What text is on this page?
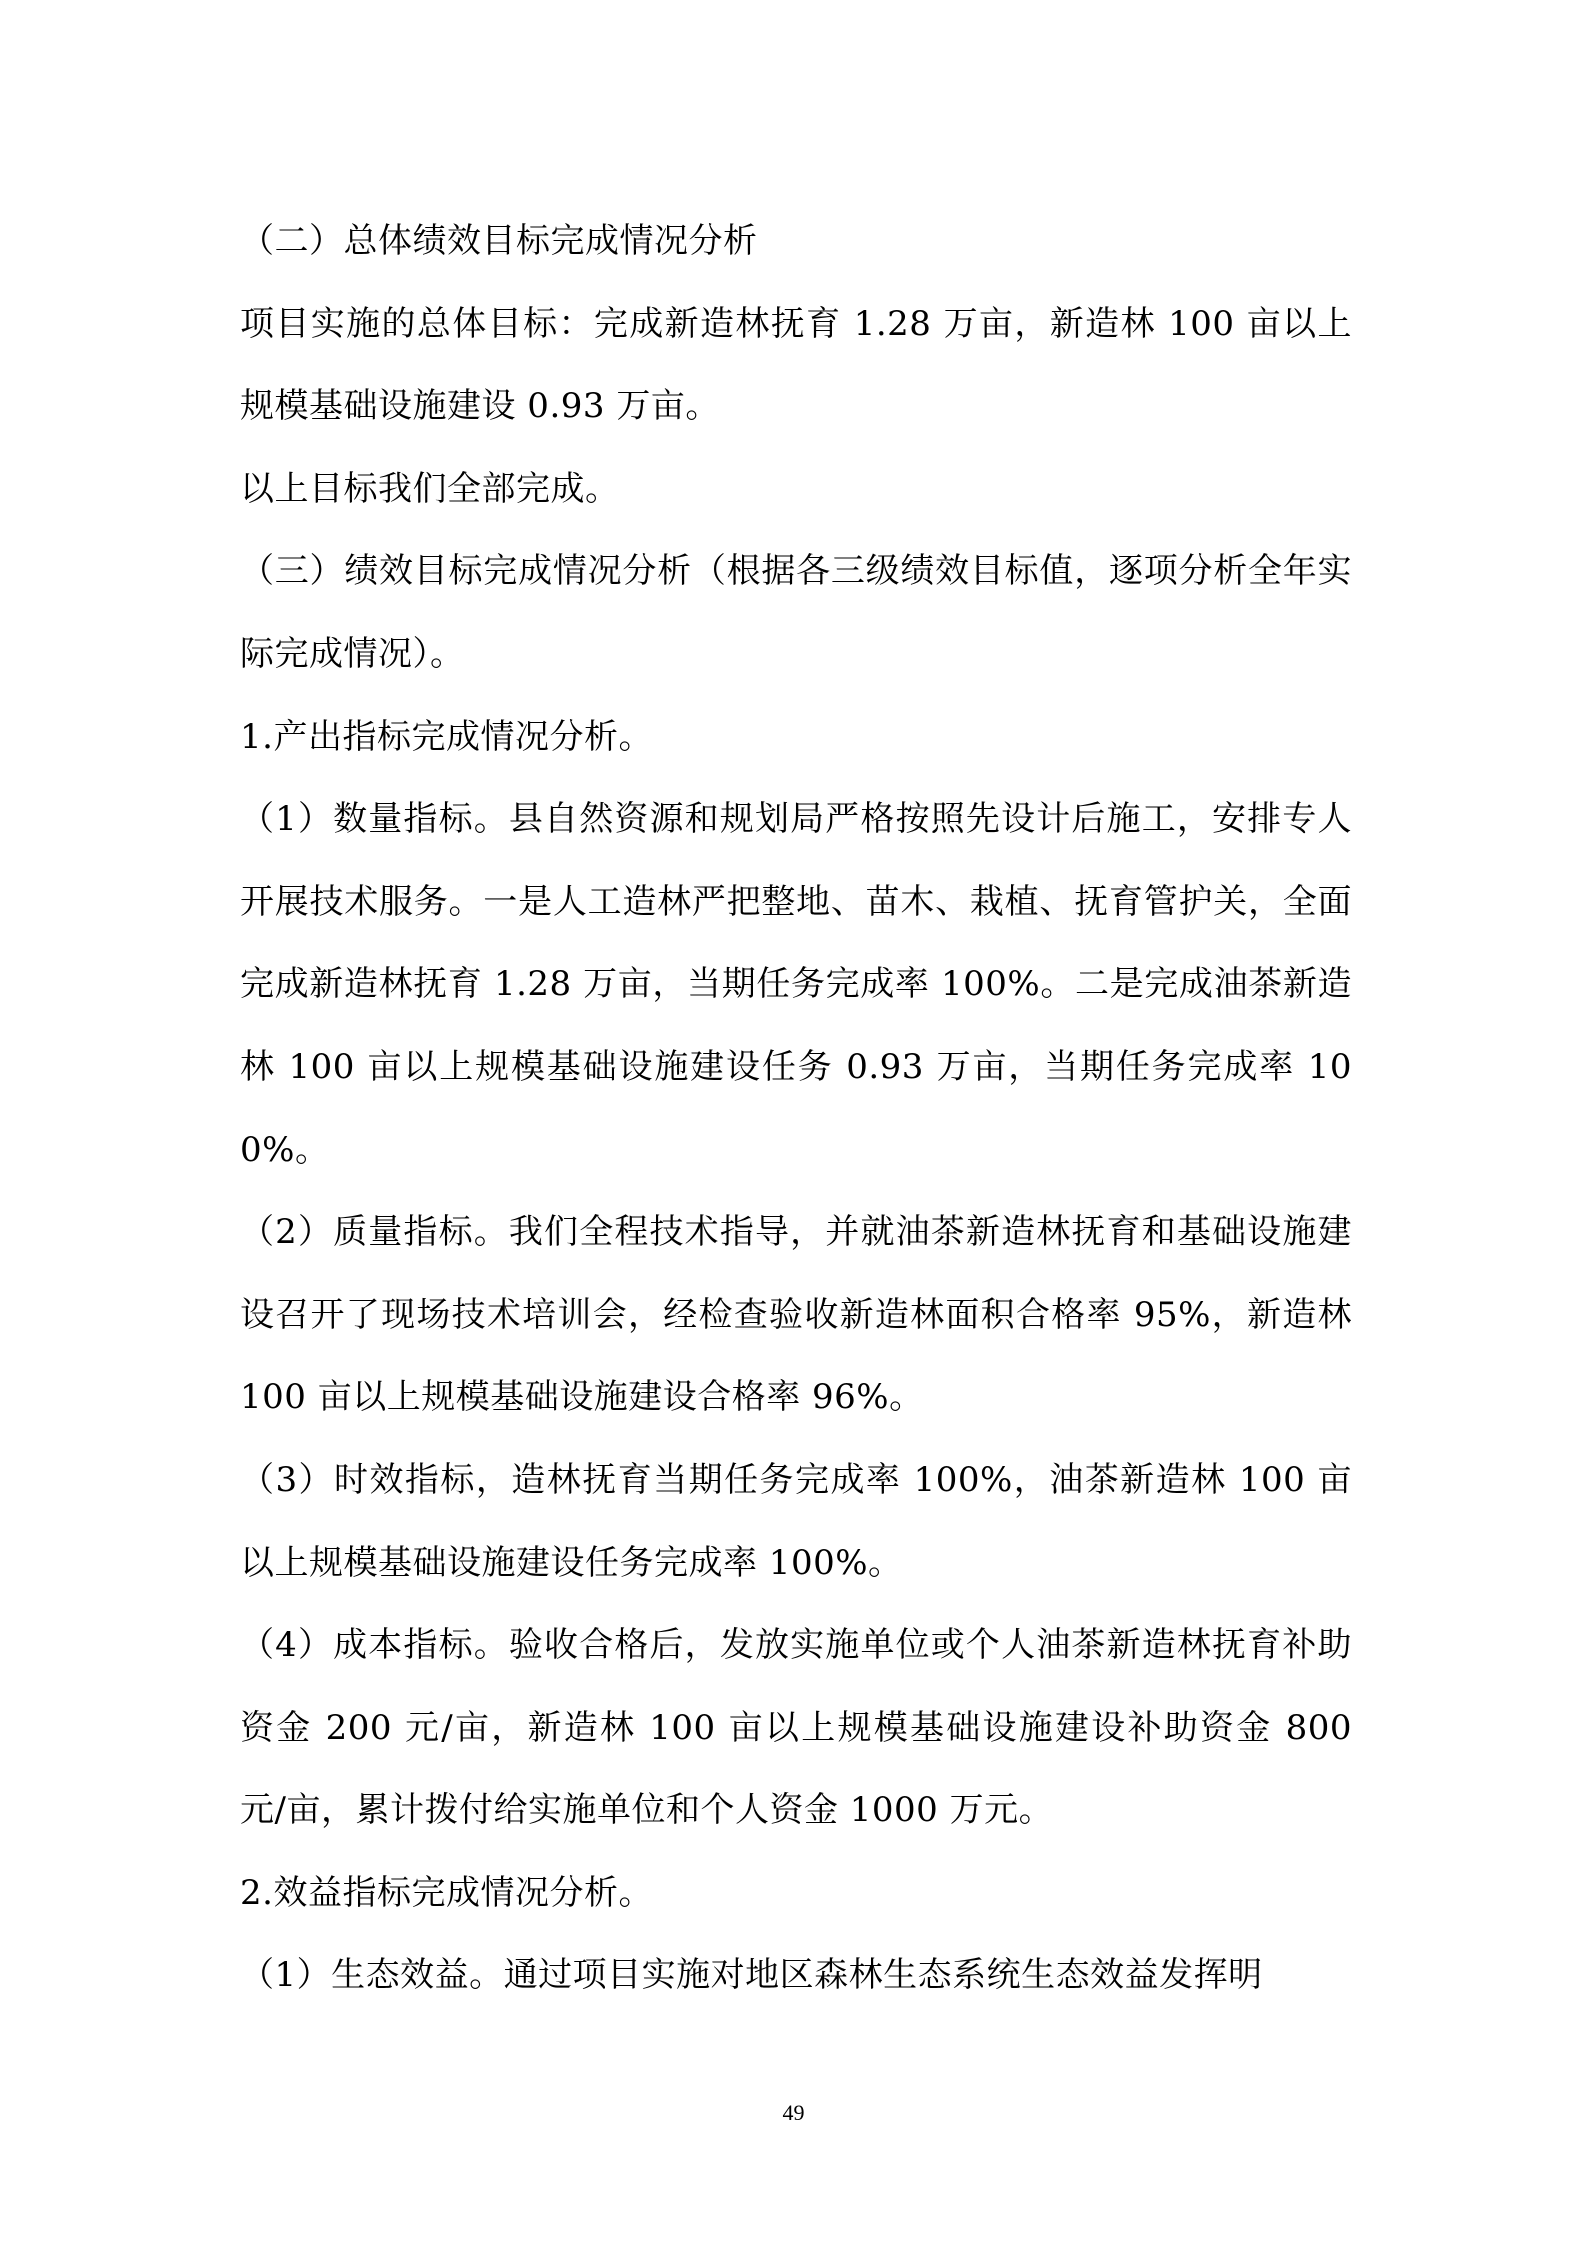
（二）总体绩效目标完成情况分析

项目实施的总体目标：完成新造林抚育 1.28 万亩，新造林 100 亩以上规模基础设施建设 0.93 万亩。

以上目标我们全部完成。

（三）绩效目标完成情况分析（根据各三级绩效目标值，逐项分析全年实际完成情况）。

1.产出指标完成情况分析。

（1）数量指标。县自然资源和规划局严格按照先设计后施工，安排专人开展技术服务。一是人工造林严把整地、苗木、栽植、抚育管护关，全面完成新造林抚育 1.28 万亩，当期任务完成率 100%。二是完成油茶新造林 100 亩以上规模基础设施建设任务 0.93 万亩，当期任务完成率 100%。

（2）质量指标。我们全程技术指导，并就油茶新造林抚育和基础设施建设召开了现场技术培训会，经检查验收新造林面积合格率 95%，新造林 100 亩以上规模基础设施建设合格率 96%。

（3）时效指标，造林抚育当期任务完成率 100%，油茶新造林 100 亩以上规模基础设施建设任务完成率 100%。

（4）成本指标。验收合格后，发放实施单位或个人油茶新造林抚育补助资金 200 元/亩，新造林 100 亩以上规模基础设施建设补助资金 800 元/亩，累计拨付给实施单位和个人资金 1000 万元。

2.效益指标完成情况分析。

（1）生态效益。通过项目实施对地区森林生态系统生态效益发挥明

49
